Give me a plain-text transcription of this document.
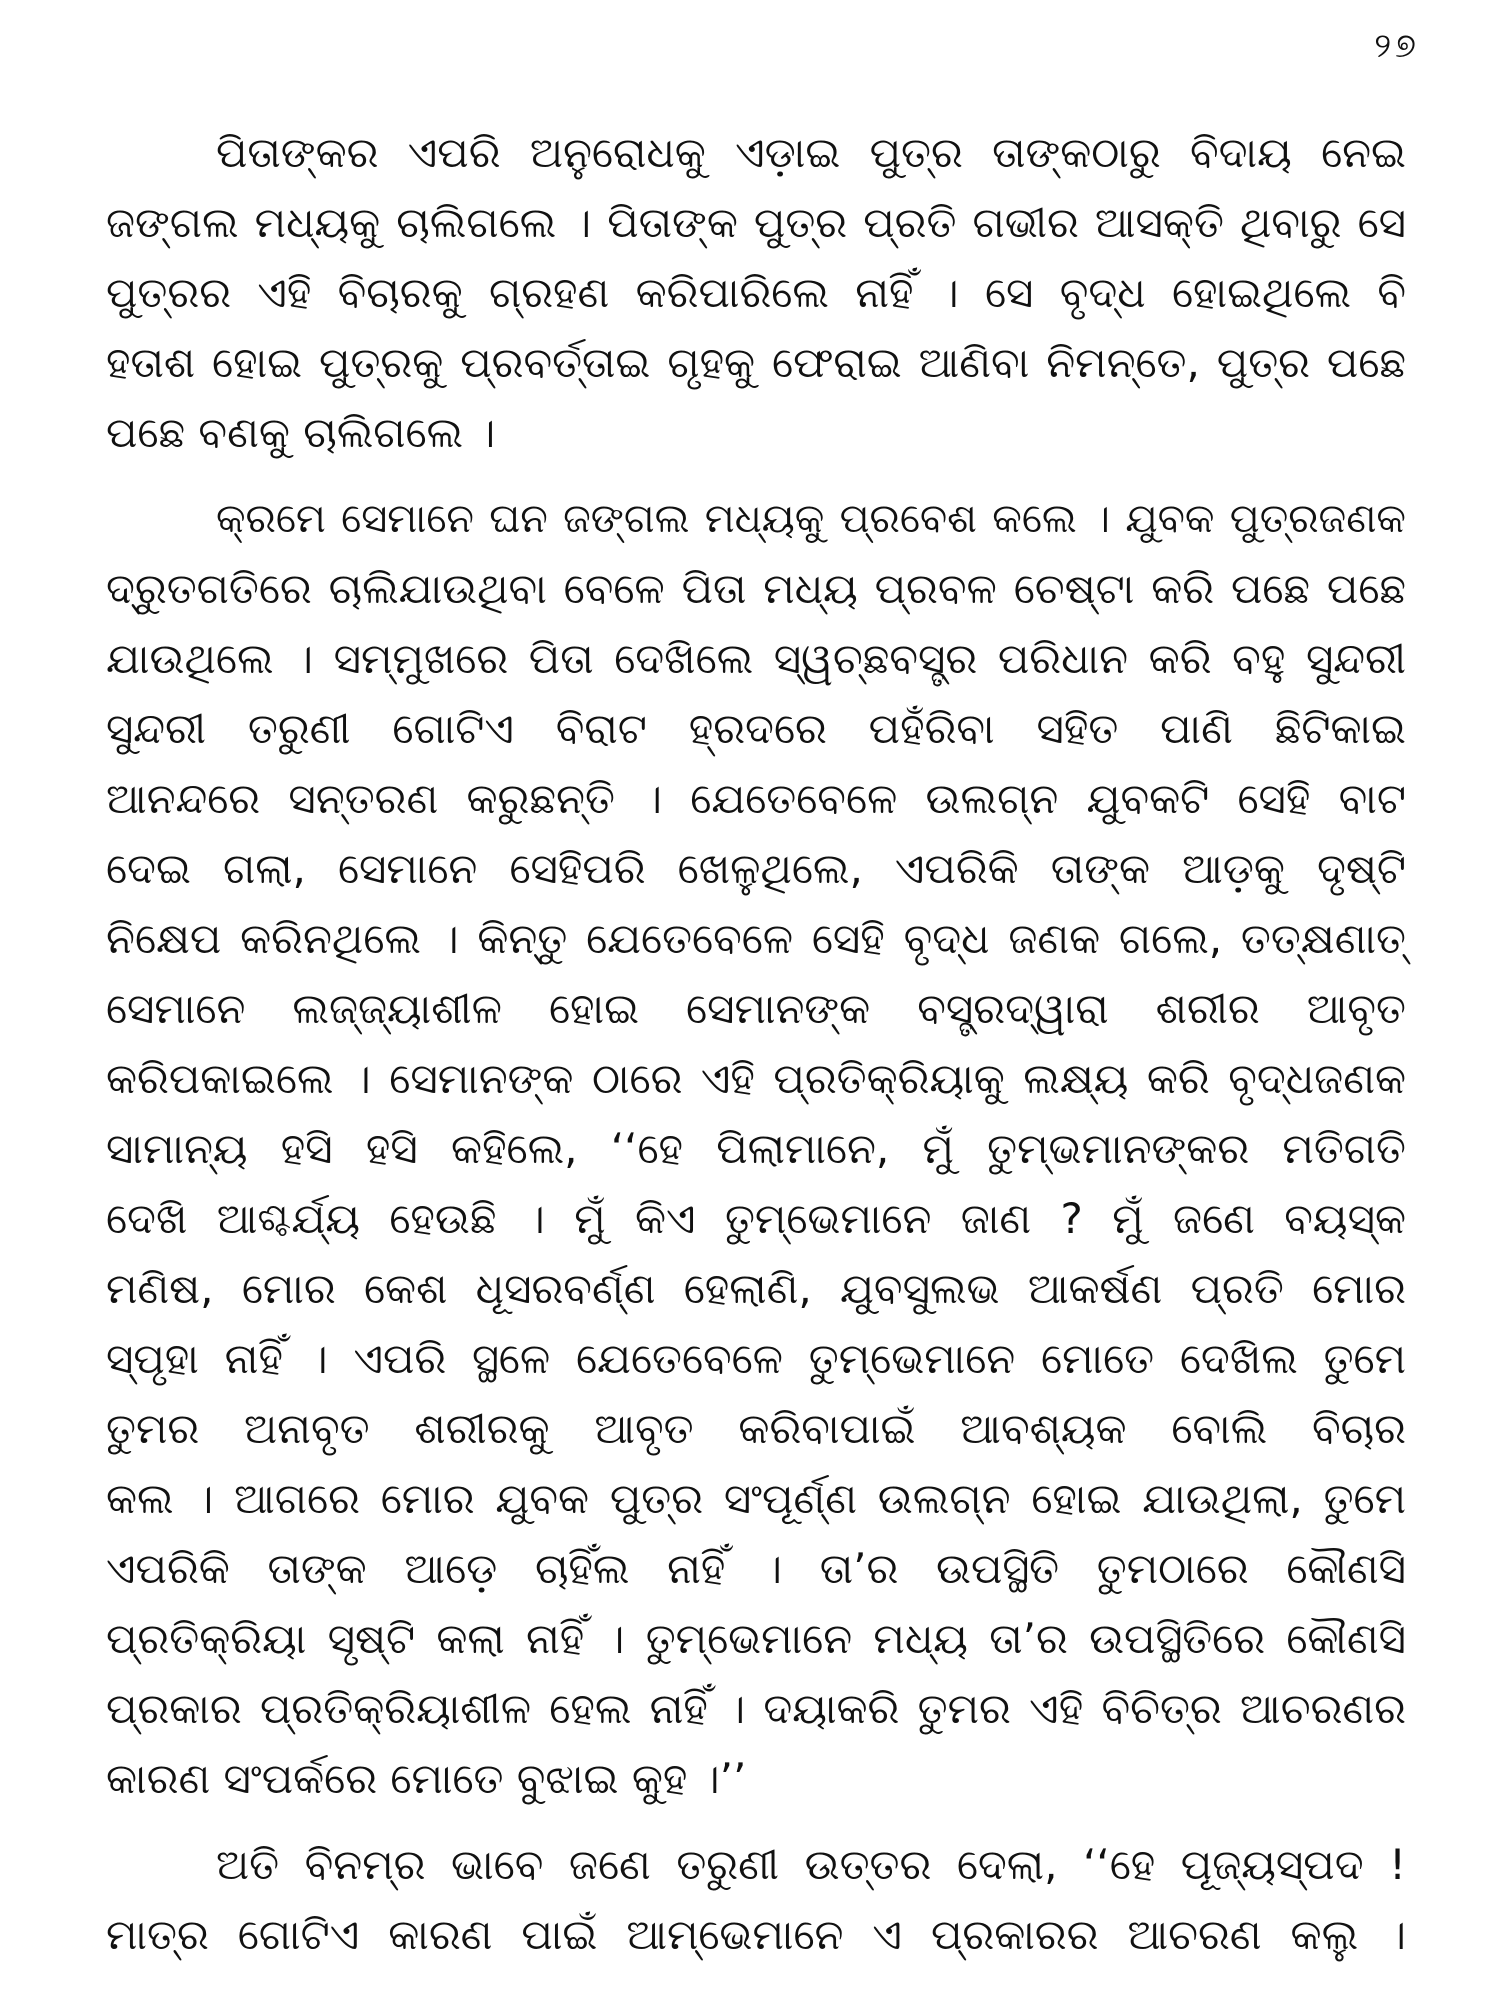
୨୭

ପିତାଙ୍କର ଏପରି ଅନୁରୋଧକୁ ଏଡ଼ାଇ ପୁତ୍ର ତାଙ୍କଠାରୁ ବିଦାୟ ନେଇ

ଜଙ୍ଗଲ ମଧ୍ୟକୁ ଚାଲିଗଲେ । ପିତାଙ୍କ ପୁତ୍ର ପ୍ରତି ଗଭୀର ଆସକ୍ତି ଥିବାରୁ ସେ

ପୁତ୍ରର ଏହି ବିଚାରକୁ ଗ୍ରହଣ କରିପାରିଲେ ନାହିଁ । ସେ ବୃଦ୍ଧ ହୋଇଥିଲେ ବି

ହତାଶ ହୋଇ ପୁତ୍ରକୁ ପ୍ରବର୍ତ୍ତାଇ ଗୃହକୁ ଫେରାଇ ଆଣିବା ନିମନ୍ତେ, ପୁତ୍ର ପଛେ

ପଛେ ବଣକୁ ଚାଲିଗଲେ ।

କ୍ରମେ ସେମାନେ ଘନ ଜଙ୍ଗଲ ମଧ୍ୟକୁ ପ୍ରବେଶ କଲେ । ଯୁବକ ପୁତ୍ରଜଣକ

ଦ୍ରୁତଗତିରେ ଚାଲିଯାଉଥିବା ବେଳେ ପିତା ମଧ୍ୟ ପ୍ରବଳ ଚେଷ୍ଟା କରି ପଛେ ପଛେ

ଯାଉଥିଲେ । ସମ୍ମୁଖରେ ପିତା ଦେଖିଲେ ସ୍ୱଚ୍ଛବସ୍ତ୍ର ପରିଧାନ କରି ବହୁ ସୁନ୍ଦରୀ

ସୁନ୍ଦରୀ ତରୁଣୀ ଗୋଟିଏ ବିରାଟ ହ୍ରଦରେ ପହଁରିବା ସହିତ ପାଣି ଛିଟିକାଇ

ଆନନ୍ଦରେ ସନ୍ତରଣ କରୁଛନ୍ତି । ଯେତେବେଳେ ଉଲଗ୍ନ ଯୁବକଟି ସେହି ବାଟ

ଦେଇ ଗଲା, ସେମାନେ ସେହିପରି ଖେଳୁଥିଲେ, ଏପରିକି ତାଙ୍କ ଆଡ଼କୁ ଦୃଷ୍ଟି

ନିକ୍ଷେପ କରିନଥିଲେ । କିନ୍ତୁ ଯେତେବେଳେ ସେହି ବୃଦ୍ଧ ଜଣକ ଗଲେ, ତତ୍‌କ୍ଷଣାତ୍

ସେମାନେ ଲଜ୍ଜ୍ୟାଶୀଳ ହୋଇ ସେମାନଙ୍କ ବସ୍ତ୍ରଦ୍ୱାରା ଶରୀର ଆବୃତ

କରିପକାଇଲେ । ସେମାନଙ୍କ ଠାରେ ଏହି ପ୍ରତିକ୍ରିୟାକୁ ଲକ୍ଷ୍ୟ କରି ବୃଦ୍ଧଜଣକ

ସାମାନ୍ୟ ହସି ହସି କହିଲେ, ‘‘ହେ ପିଲାମାନେ, ମୁଁ ତୁମ୍ଭମାନଙ୍କର ମତିଗତି

ଦେଖି ଆଶ୍ଚର୍ଯ୍ୟ ହେଉଛି । ମୁଁ କିଏ ତୁମ୍ଭେମାନେ ଜାଣ ? ମୁଁ ଜଣେ ବୟସ୍କ

ମଣିଷ, ମୋର କେଶ ଧୂସରବର୍ଣ୍ଣ ହେଲାଣି, ଯୁବସୁଲଭ ଆକର୍ଷଣ ପ୍ରତି ମୋର

ସ୍ପୃହା ନାହିଁ । ଏପରି ସ୍ଥଳେ ଯେତେବେଳେ ତୁମ୍ଭେମାନେ ମୋତେ ଦେଖିଲ ତୁମେ

ତୁମର ଅନାବୃତ ଶରୀରକୁ ଆବୃତ କରିବାପାଇଁ ଆବଶ୍ୟକ ବୋଲି ବିଚାର

କଲ । ଆଗରେ ମୋର ଯୁବକ ପୁତ୍ର ସଂପୂର୍ଣ୍ଣ ଉଲଗ୍ନ ହୋଇ ଯାଉଥିଲା, ତୁମେ

ଏପରିକି ତାଙ୍କ ଆଡ଼େ ଚାହିଁଲ ନାହିଁ । ତା’ର ଉପସ୍ଥିତି ତୁମଠାରେ କୌଣସି

ପ୍ରତିକ୍ରିୟା ସୃଷ୍ଟି କଲା ନାହିଁ । ତୁମ୍ଭେମାନେ ମଧ୍ୟ ତା’ର ଉପସ୍ଥିତିରେ କୌଣସି

ପ୍ରକାର ପ୍ରତିକ୍ରିୟାଶୀଳ ହେଲ ନାହିଁ । ଦୟାକରି ତୁମର ଏହି ବିଚିତ୍ର ଆଚରଣର

କାରଣ ସଂପର୍କରେ ମୋତେ ବୁଝାଇ କୁହ ।’’

ଅତି ବିନମ୍ର ଭାବେ ଜଣେ ତରୁଣୀ ଉତ୍ତର ଦେଲା, ‘‘ହେ ପୂଜ୍ୟସ୍ପଦ !

ମାତ୍ର ଗୋଟିଏ କାରଣ ପାଇଁ ଆମ୍ଭେମାନେ ଏ ପ୍ରକାରର ଆଚରଣ କଲୁ ।
